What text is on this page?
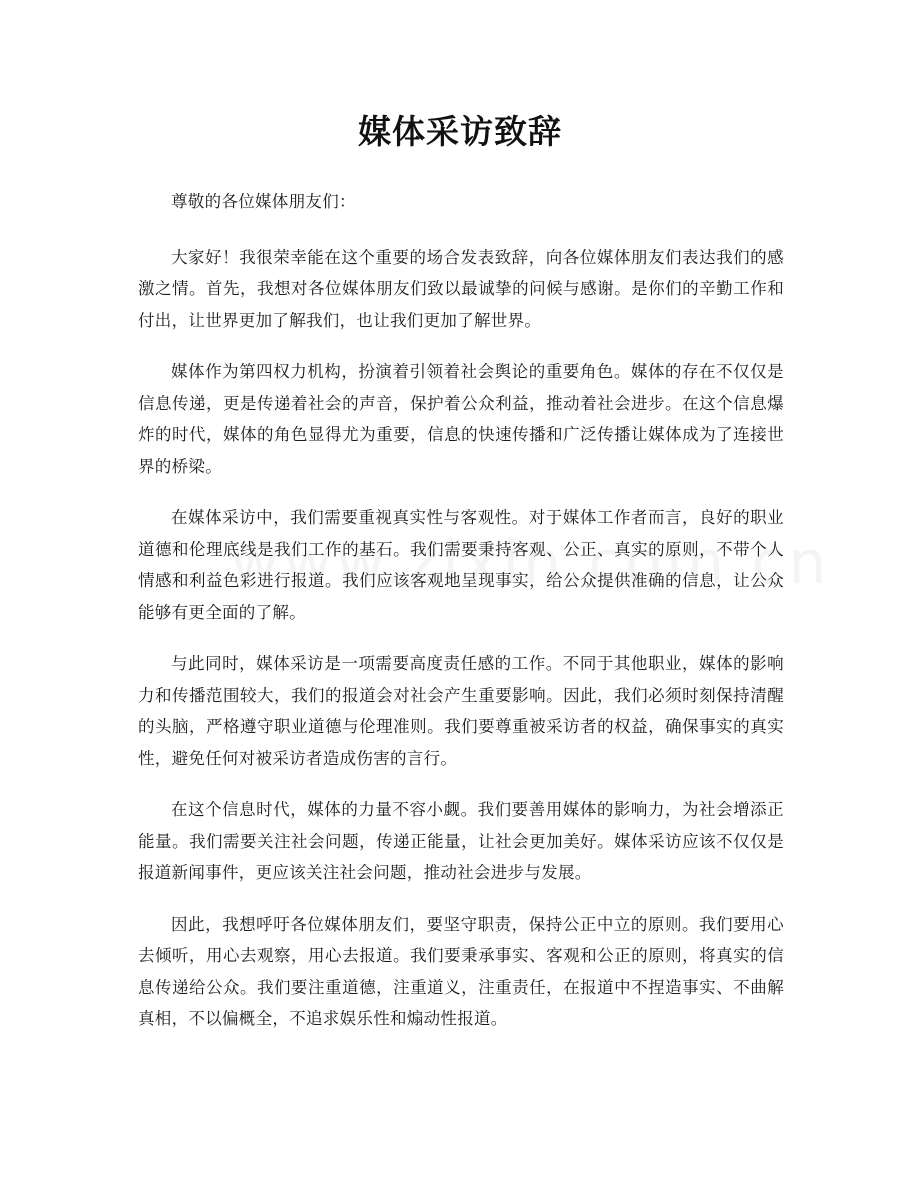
媒体采访致辞

尊敬的各位媒体朋友们：

大家好！我很荣幸能在这个重要的场合发表致辞，向各位媒体朋友们表达我们的感激之情。首先，我想对各位媒体朋友们致以最诚挚的问候与感谢。是你们的辛勤工作和付出，让世界更加了解我们，也让我们更加了解世界。

媒体作为第四权力机构，扮演着引领着社会舆论的重要角色。媒体的存在不仅仅是信息传递，更是传递着社会的声音，保护着公众利益，推动着社会进步。在这个信息爆炸的时代，媒体的角色显得尤为重要，信息的快速传播和广泛传播让媒体成为了连接世界的桥梁。

在媒体采访中，我们需要重视真实性与客观性。对于媒体工作者而言，良好的职业道德和伦理底线是我们工作的基石。我们需要秉持客观、公正、真实的原则，不带个人情感和利益色彩进行报道。我们应该客观地呈现事实，给公众提供准确的信息，让公众能够有更全面的了解。

与此同时，媒体采访是一项需要高度责任感的工作。不同于其他职业，媒体的影响力和传播范围较大，我们的报道会对社会产生重要影响。因此，我们必须时刻保持清醒的头脑，严格遵守职业道德与伦理准则。我们要尊重被采访者的权益，确保事实的真实性，避免任何对被采访者造成伤害的言行。

在这个信息时代，媒体的力量不容小觑。我们要善用媒体的影响力，为社会增添正能量。我们需要关注社会问题，传递正能量，让社会更加美好。媒体采访应该不仅仅是报道新闻事件，更应该关注社会问题，推动社会进步与发展。

因此，我想呼吁各位媒体朋友们，要坚守职责，保持公正中立的原则。我们要用心去倾听，用心去观察，用心去报道。我们要秉承事实、客观和公正的原则，将真实的信息传递给公众。我们要注重道德，注重道义，注重责任，在报道中不捏造事实、不曲解真相，不以偏概全，不追求娱乐性和煽动性报道。
